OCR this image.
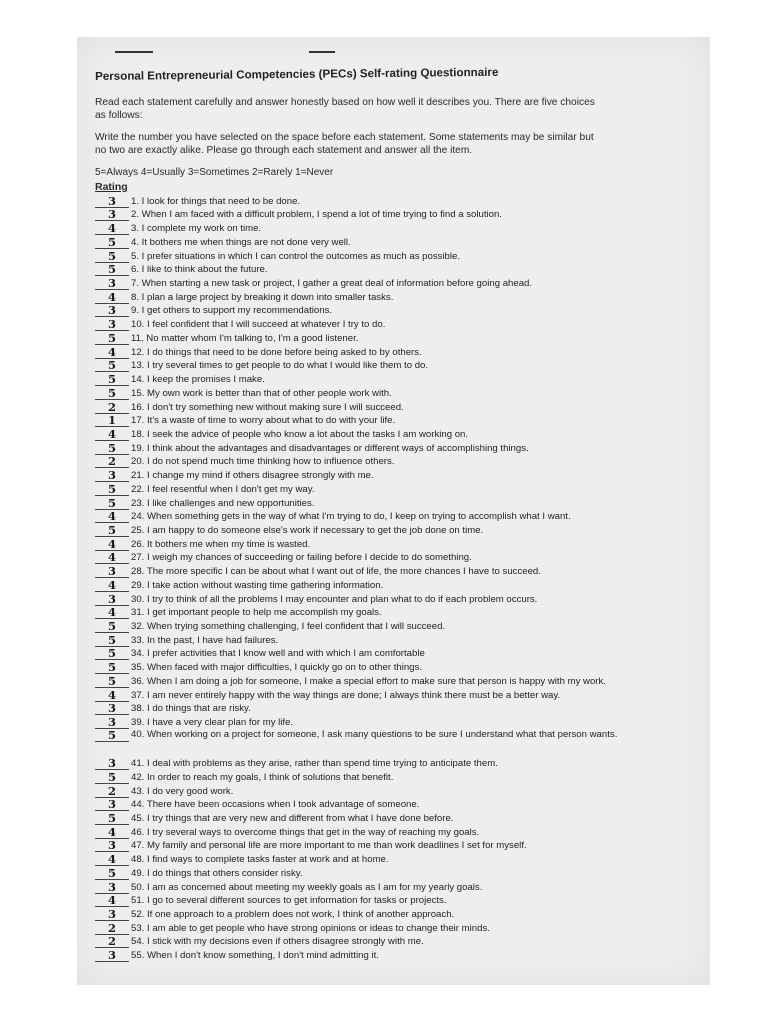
Personal Entrepreneurial Competencies (PECs) Self-rating Questionnaire
Read each statement carefully and answer honestly based on how well it describes you. There are five choices as follows:
Write the number you have selected on the space before each statement. Some statements may be similar but no two are exactly alike. Please go through each statement and answer all the item.
5=Always 4=Usually 3=Sometimes 2=Rarely 1=Never
Rating
3	1. I look for things that need to be done.
3	2. When I am faced with a difficult problem, I spend a lot of time trying to find a solution.
4	3. I complete my work on time.
5	4. It bothers me when things are not done very well.
5	5. I prefer situations in which I can control the outcomes as much as possible.
5	6. I like to think about the future.
3	7. When starting a new task or project, I gather a great deal of information before going ahead.
4	8. I plan a large project by breaking it down into smaller tasks.
3	9. I get others to support my recommendations.
3	10. I feel confident that I will succeed at whatever I try to do.
5	11. No matter whom I'm talking to, I'm a good listener.
4	12. I do things that need to be done before being asked to by others.
5	13. I try several times to get people to do what I would like them to do.
5	14. I keep the promises I make.
5	15. My own work is better than that of other people work with.
2	16. I don't try something new without making sure I will succeed.
1	17. It's a waste of time to worry about what to do with your life.
4	18. I seek the advice of people who know a lot about the tasks I am working on.
5	19. I think about the advantages and disadvantages or different ways of accomplishing things.
2	20. I do not spend much time thinking how to influence others.
3	21. I change my mind if others disagree strongly with me.
5	22. I feel resentful when I don't get my way.
5	23. I like challenges and new opportunities.
4	24. When something gets in the way of what I'm trying to do, I keep on trying to accomplish what I want.
5	25. I am happy to do someone else's work if necessary to get the job done on time.
4	26. It bothers me when my time is wasted.
4	27. I weigh my chances of succeeding or failing before I decide to do something.
3	28. The more specific I can be about what I want out of life, the more chances I have to succeed.
4	29. I take action without wasting time gathering information.
3	30. I try to think of all the problems I may encounter and plan what to do if each problem occurs.
4	31. I get important people to help me accomplish my goals.
5	32. When trying something challenging, I feel confident that I will succeed.
5	33. In the past, I have had failures.
5	34. I prefer activities that I know well and with which I am comfortable
5	35. When faced with major difficulties, I quickly go on to other things.
5	36. When I am doing a job for someone, I make a special effort to make sure that person is happy with my work.
4	37. I am never entirely happy with the way things are done; I always think there must be a better way.
3	38. I do things that are risky.
3	39. I have a very clear plan for my life.
5	40. When working on a project for someone, I ask many questions to be sure I understand what that person wants.
3	41. I deal with problems as they arise, rather than spend time trying to anticipate them.
5	42. In order to reach my goals, I think of solutions that benefit.
2	43. I do very good work.
3	44. There have been occasions when I took advantage of someone.
5	45. I try things that are very new and different from what I have done before.
4	46. I try several ways to overcome things that get in the way of reaching my goals.
3	47. My family and personal life are more important to me than work deadlines I set for myself.
4	48. I find ways to complete tasks faster at work and at home.
5	49. I do things that others consider risky.
3	50. I am as concerned about meeting my weekly goals as I am for my yearly goals.
4	51. I go to several different sources to get information for tasks or projects.
3	52. If one approach to a problem does not work, I think of another approach.
2	53. I am able to get people who have strong opinions or ideas to change their minds.
2	54. I stick with my decisions even if others disagree strongly with me.
3	55. When I don't know something, I don't mind admitting it.
